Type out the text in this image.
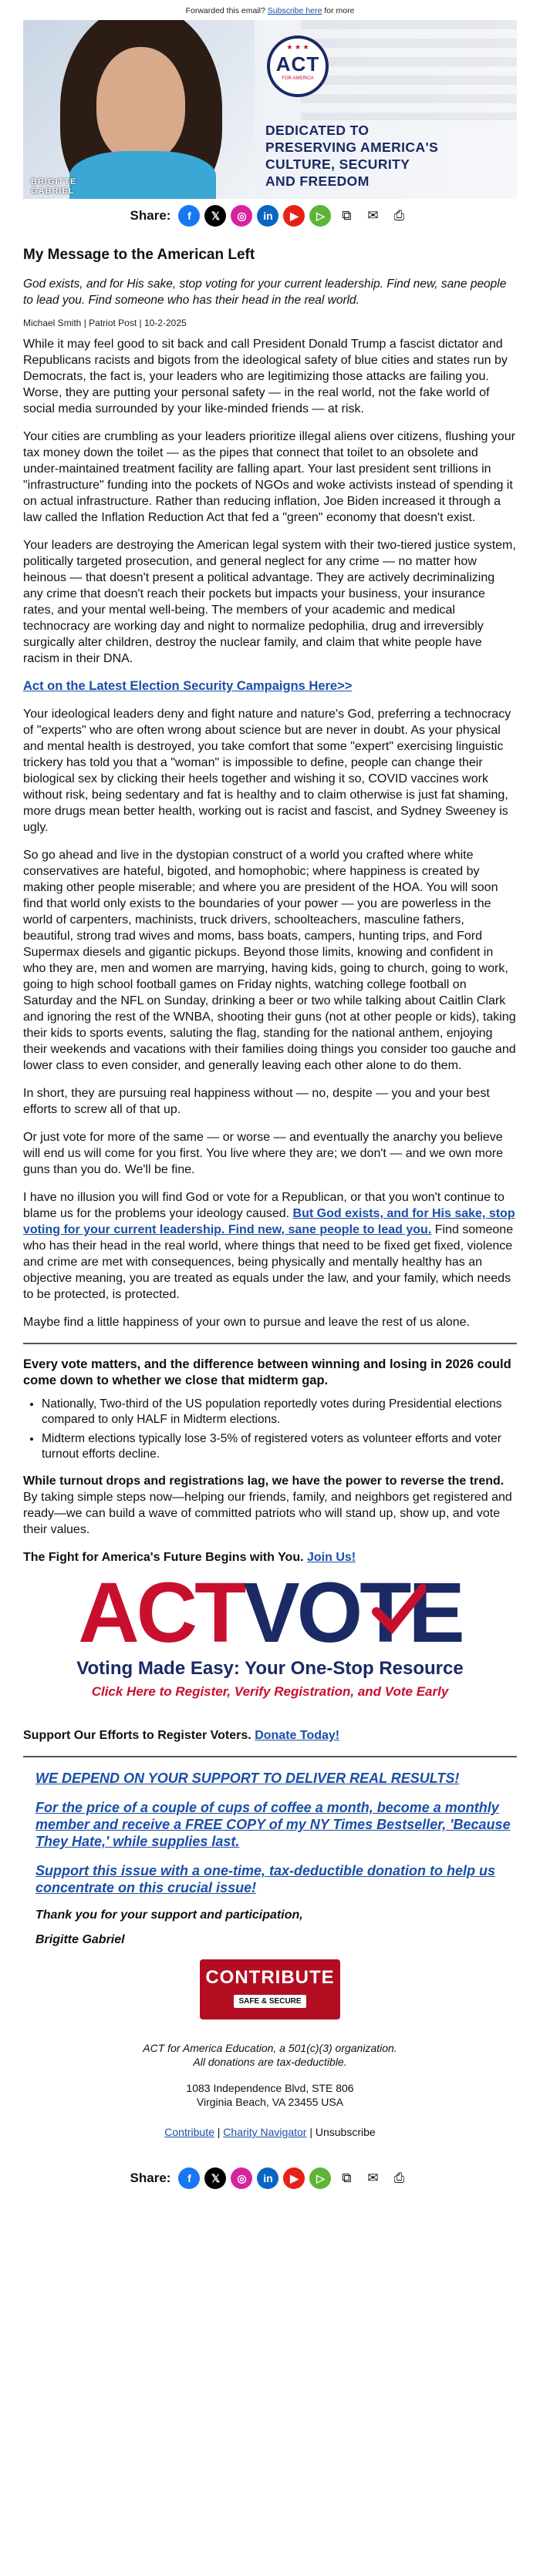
Forwarded this email? Subscribe here for more
BRIGITTE
GABRIEL
★ ★ ★
ACT
FOR AMERICA
DEDICATED TO
PRESERVING AMERICA'S
CULTURE, SECURITY
AND FREEDOM
Share:	f	𝕏	◎	in	▶	▷	⧉	✉	⎙
My Message to the American Left
God exists, and for His sake, stop voting for your current leadership. Find new, sane people to lead you. Find someone who has their head in the real world.
Michael Smith | Patriot Post | 10-2-2025

While it may feel good to sit back and call President Donald Trump a fascist dictator and Republicans racists and bigots from the ideological safety of blue cities and states run by Democrats, the fact is, your leaders who are legitimizing those attacks are failing you. Worse, they are putting your personal safety — in the real world, not the fake world of social media surrounded by your like-minded friends — at risk.

Your cities are crumbling as your leaders prioritize illegal aliens over citizens, flushing your tax money down the toilet — as the pipes that connect that toilet to an obsolete and under-maintained treatment facility are falling apart. Your last president sent trillions in "infrastructure" funding into the pockets of NGOs and woke activists instead of spending it on actual infrastructure. Rather than reducing inflation, Joe Biden increased it through a law called the Inflation Reduction Act that fed a "green" economy that doesn't exist.

Your leaders are destroying the American legal system with their two-tiered justice system, politically targeted prosecution, and general neglect for any crime — no matter how heinous — that doesn't present a political advantage. They are actively decriminalizing any crime that doesn't reach their pockets but impacts your business, your insurance rates, and your mental well-being. The members of your academic and medical technocracy are working day and night to normalize pedophilia, drug and irreversibly surgically alter children, destroy the nuclear family, and claim that white people have racism in their DNA.

Act on the Latest Election Security Campaigns Here>>

Your ideological leaders deny and fight nature and nature's God, preferring a technocracy of "experts" who are often wrong about science but are never in doubt. As your physical and mental health is destroyed, you take comfort that some "expert" exercising linguistic trickery has told you that a "woman" is impossible to define, people can change their biological sex by clicking their heels together and wishing it so, COVID vaccines work without risk, being sedentary and fat is healthy and to claim otherwise is just fat shaming, more drugs mean better health, working out is racist and fascist, and Sydney Sweeney is ugly.

So go ahead and live in the dystopian construct of a world you crafted where white conservatives are hateful, bigoted, and homophobic; where happiness is created by making other people miserable; and where you are president of the HOA. You will soon find that world only exists to the boundaries of your power — you are powerless in the world of carpenters, machinists, truck drivers, schoolteachers, masculine fathers, beautiful, strong trad wives and moms, bass boats, campers, hunting trips, and Ford Supermax diesels and gigantic pickups. Beyond those limits, knowing and confident in who they are, men and women are marrying, having kids, going to church, going to work, going to high school football games on Friday nights, watching college football on Saturday and the NFL on Sunday, drinking a beer or two while talking about Caitlin Clark and ignoring the rest of the WNBA, shooting their guns (not at other people or kids), taking their kids to sports events, saluting the flag, standing for the national anthem, enjoying their weekends and vacations with their families doing things you consider too gauche and lower class to even consider, and generally leaving each other alone to do them.

In short, they are pursuing real happiness without — no, despite — you and your best efforts to screw all of that up.

Or just vote for more of the same — or worse — and eventually the anarchy you believe will end us will come for you first. You live where they are; we don't — and we own more guns than you do. We'll be fine.

I have no illusion you will find God or vote for a Republican, or that you won't continue to blame us for the problems your ideology caused. But God exists, and for His sake, stop voting for your current leadership. Find new, sane people to lead you. Find someone who has their head in the real world, where things that need to be fixed get fixed, violence and crime are met with consequences, being physically and mentally healthy has an objective meaning, you are treated as equals under the law, and your family, which needs to be protected, is protected.

Maybe find a little happiness of your own to pursue and leave the rest of us alone.

Every vote matters, and the difference between winning and losing in 2026 could come down to whether we close that midterm gap.
• Nationally, Two-third of the US population reportedly votes during Presidential elections compared to only HALF in Midterm elections.
• Midterm elections typically lose 3-5% of registered voters as volunteer efforts and voter turnout efforts decline.

While turnout drops and registrations lag, we have the power to reverse the trend. By taking simple steps now—helping our friends, family, and neighbors get registered and ready—we can build a wave of committed patriots who will stand up, show up, and vote their values.

The Fight for America's Future Begins with You. Join Us!

ACTVOTE
Voting Made Easy: Your One-Stop Resource
Click Here to Register, Verify Registration, and Vote Early

Support Our Efforts to Register Voters. Donate Today!

WE DEPEND ON YOUR SUPPORT TO DELIVER REAL RESULTS!
For the price of a couple of cups of coffee a month, become a monthly member and receive a FREE COPY of my NY Times Bestseller, 'Because They Hate,' while supplies last.
Support this issue with a one-time, tax-deductible donation to help us concentrate on this crucial issue!
Thank you for your support and participation,
Brigitte Gabriel
CONTRIBUTE
SAFE & SECURE
ACT for America Education, a 501(c)(3) organization.
All donations are tax-deductible.
1083 Independence Blvd, STE 806
Virginia Beach, VA 23455 USA
Contribute | Charity Navigator | Unsubscribe
Share:	f	𝕏	◎	in	▶	▷	⧉	✉	⎙
